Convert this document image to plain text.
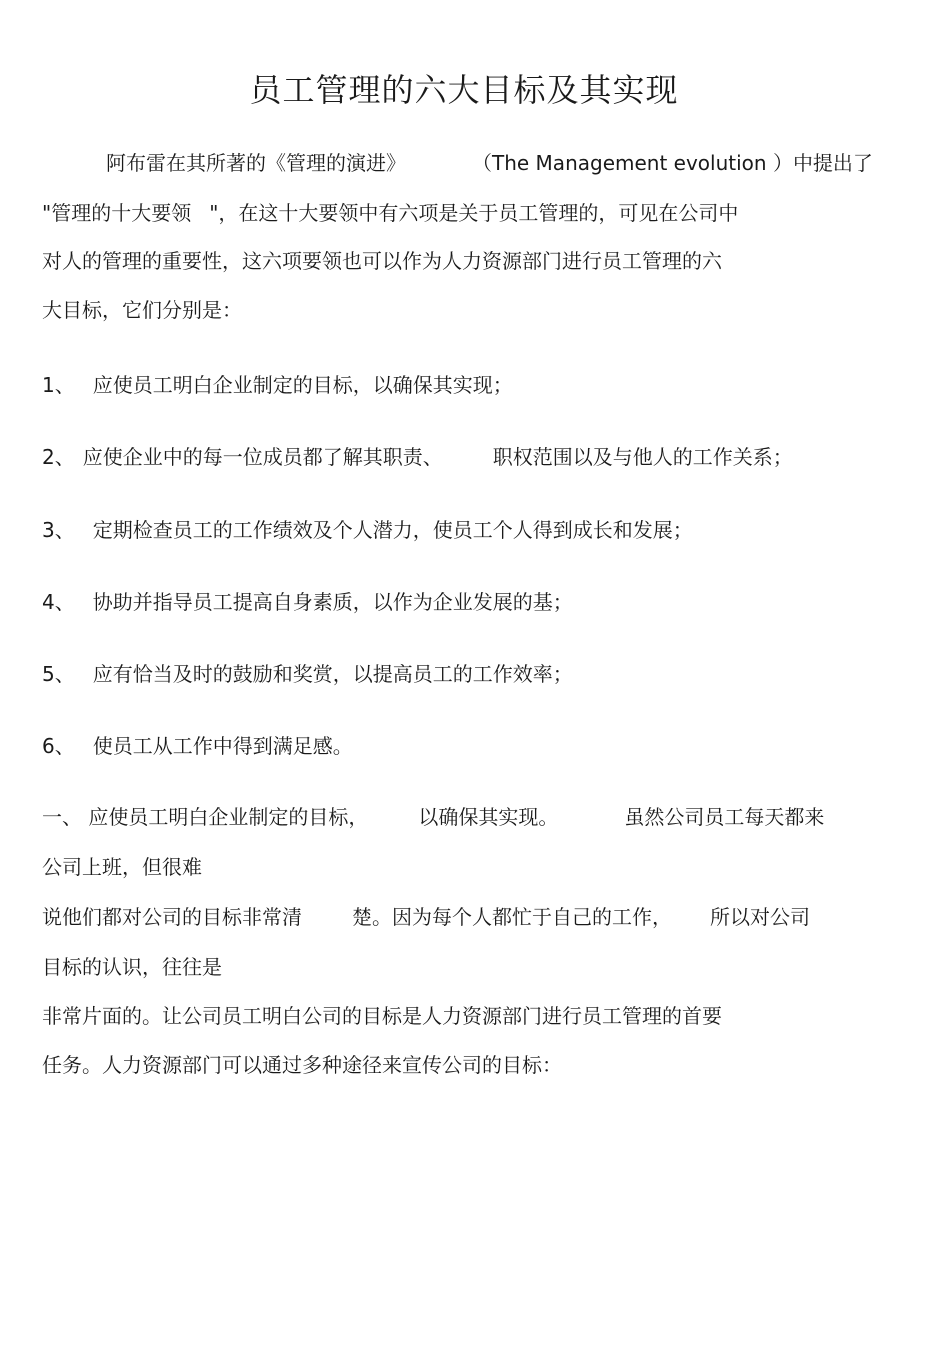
员工管理的六大目标及其实现
阿布雷在其所著的《管理的演进》	（The Management evolution ）中提出了
"管理的十大要领 "，在这十大要领中有六项是关于员工管理的，可见在公司中
对人的管理的重要性，这六项要领也可以作为人力资源部门进行员工管理的六
大目标，它们分别是：
1、 应使员工明白企业制定的目标，以确保其实现；
2、 应使企业中的每一位成员都了解其职责、	职权范围以及与他人的工作关系；
3、 定期检查员工的工作绩效及个人潜力，使员工个人得到成长和发展；
4、 协助并指导员工提高自身素质，以作为企业发展的基；
5、 应有恰当及时的鼓励和奖赏，以提高员工的工作效率；
6、 使员工从工作中得到满足感。
一、 应使员工明白企业制定的目标，	以确保其实现。	虽然公司员工每天都来
公司上班，但很难
说他们都对公司的目标非常清	楚。因为每个人都忙于自己的工作， 所以对公司
目标的认识，往往是
非常片面的。让公司员工明白公司的目标是人力资源部门进行员工管理的首要
任务。人力资源部门可以通过多种途径来宣传公司的目标：
